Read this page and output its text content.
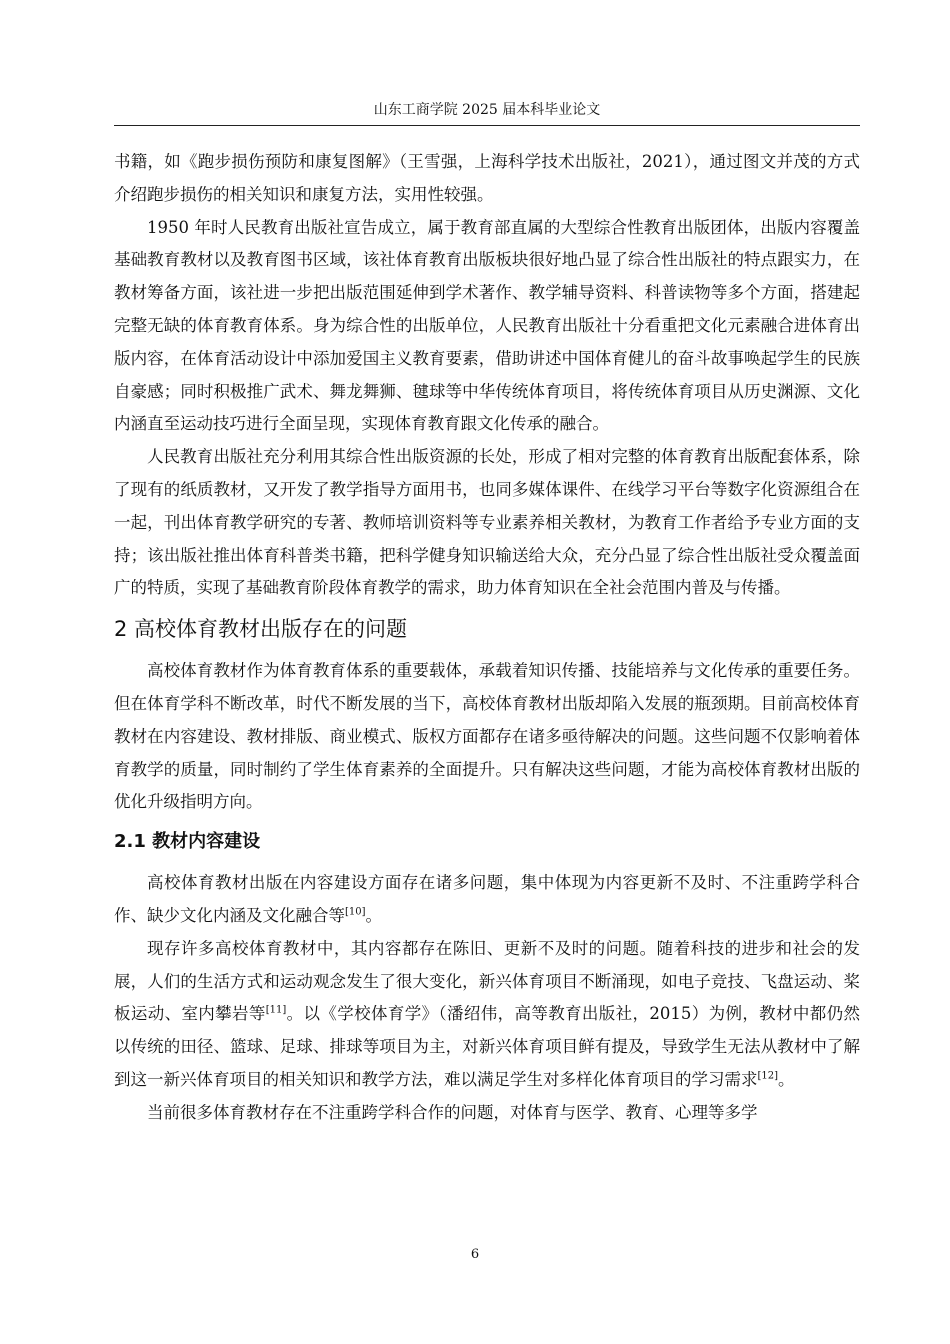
山东工商学院 2025 届本科毕业论文

书籍，如《跑步损伤预防和康复图解》（王雪强，上海科学技术出版社，2021），通过图文并茂的方式介绍跑步损伤的相关知识和康复方法，实用性较强。

1950 年时人民教育出版社宣告成立，属于教育部直属的大型综合性教育出版团体，出版内容覆盖基础教育教材以及教育图书区域，该社体育教育出版板块很好地凸显了综合性出版社的特点跟实力，在教材筹备方面，该社进一步把出版范围延伸到学术著作、教学辅导资料、科普读物等多个方面，搭建起完整无缺的体育教育体系。身为综合性的出版单位，人民教育出版社十分看重把文化元素融合进体育出版内容，在体育活动设计中添加爱国主义教育要素，借助讲述中国体育健儿的奋斗故事唤起学生的民族自豪感；同时积极推广武术、舞龙舞狮、毽球等中华传统体育项目，将传统体育项目从历史渊源、文化内涵直至运动技巧进行全面呈现，实现体育教育跟文化传承的融合。

人民教育出版社充分利用其综合性出版资源的长处，形成了相对完整的体育教育出版配套体系，除了现有的纸质教材，又开发了教学指导方面用书，也同多媒体课件、在线学习平台等数字化资源组合在一起，刊出体育教学研究的专著、教师培训资料等专业素养相关教材，为教育工作者给予专业方面的支持；该出版社推出体育科普类书籍，把科学健身知识输送给大众，充分凸显了综合性出版社受众覆盖面广的特质，实现了基础教育阶段体育教学的需求，助力体育知识在全社会范围内普及与传播。

2 高校体育教材出版存在的问题

高校体育教材作为体育教育体系的重要载体，承载着知识传播、技能培养与文化传承的重要任务。但在体育学科不断改革，时代不断发展的当下，高校体育教材出版却陷入发展的瓶颈期。目前高校体育教材在内容建设、教材排版、商业模式、版权方面都存在诸多亟待解决的问题。这些问题不仅影响着体育教学的质量，同时制约了学生体育素养的全面提升。只有解决这些问题，才能为高校体育教材出版的优化升级指明方向。

2.1 教材内容建设

高校体育教材出版在内容建设方面存在诸多问题，集中体现为内容更新不及时、不注重跨学科合作、缺少文化内涵及文化融合等[10]。

现存许多高校体育教材中，其内容都存在陈旧、更新不及时的问题。随着科技的进步和社会的发展，人们的生活方式和运动观念发生了很大变化，新兴体育项目不断涌现，如电子竞技、飞盘运动、桨板运动、室内攀岩等[11]。以《学校体育学》（潘绍伟，高等教育出版社，2015）为例，教材中都仍然以传统的田径、篮球、足球、排球等项目为主，对新兴体育项目鲜有提及，导致学生无法从教材中了解到这一新兴体育项目的相关知识和教学方法，难以满足学生对多样化体育项目的学习需求[12]。

当前很多体育教材存在不注重跨学科合作的问题，对体育与医学、教育、心理等多学

6
